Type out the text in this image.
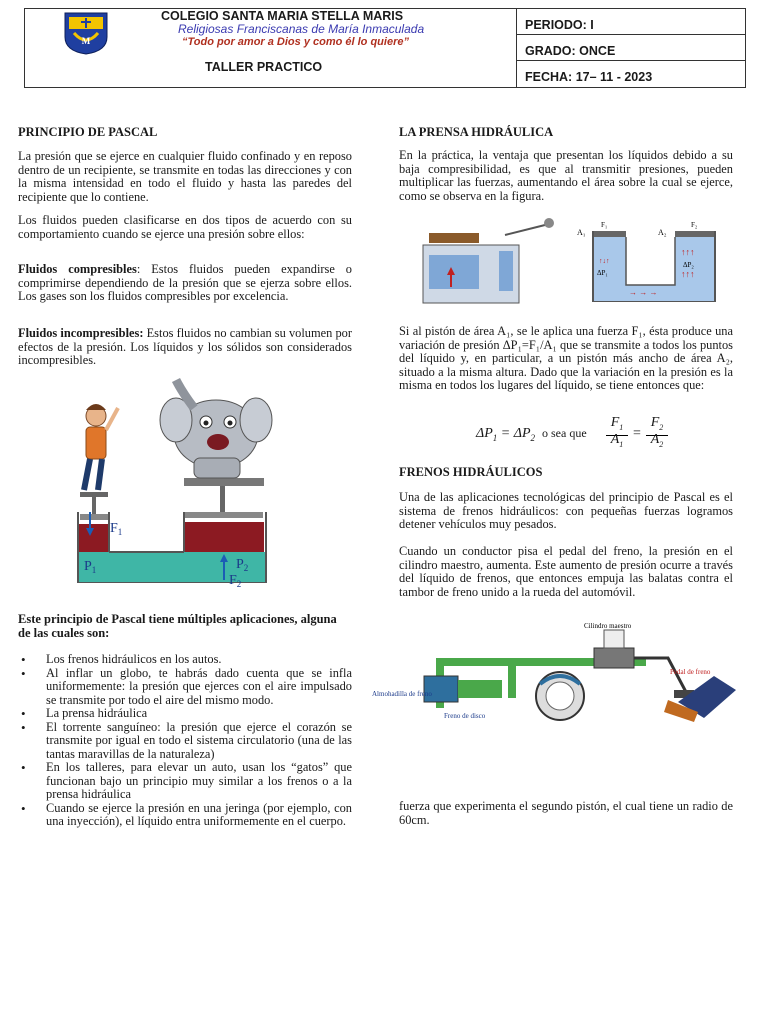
M
COLEGIO SANTA MARIA STELLA MARIS
Religiosas Franciscanas de María Inmaculada
“Todo por amor a Dios y como él lo quiere”
TALLER PRACTICO
PERIODO: I
GRADO: ONCE
FECHA: 17– 11 - 2023
PRINCIPIO DE PASCAL
La presión que se ejerce en cualquier fluido confinado y en reposo dentro de un recipiente, se transmite en todas las direcciones y con la misma intensidad en todo el fluido y hasta las paredes del recipiente que lo contiene.
Los fluidos pueden clasificarse en dos tipos de acuerdo con su comportamiento cuando se ejerce una presión sobre ellos:
Fluidos compresibles: Estos fluidos pueden expandirse o comprimirse dependiendo de la presión que se ejerza sobre ellos. Los gases son los fluidos compresibles por excelencia.
Fluidos incompresibles: Estos fluidos no cambian su volumen por efectos de la presión. Los líquidos y los sólidos son considerados incompresibles.
$F_1$
$P_1$	$P_2$
$F_2$
Este principio de Pascal tiene múltiples aplicaciones, alguna de las cuales son:
• Los frenos hidráulicos en los autos.
• Al inflar un globo, te habrás dado cuenta que se infla uniformemente: la presión que ejerces con el aire impulsado se transmite por todo el aire del mismo modo.
• La prensa hidráulica
• El torrente sanguíneo: la presión que ejerce el corazón se transmite por igual en todo el sistema circulatorio (una de las tantas maravillas de la naturaleza)
• En los talleres, para elevar un auto, usan los “gatos” que funcionan bajo un principio muy similar a los frenos o a la prensa hidráulica
• Cuando se ejerce la presión en una jeringa (por ejemplo, con una inyección), el líquido entra uniformemente en el cuerpo.
LA PRENSA HIDRÁULICA
En la práctica, la ventaja que presentan los líquidos debido a su baja compresibilidad, es que al transmitir presiones, pueden multiplicar las fuerzas, aumentando el área sobre la cual se ejerce, como se observa en la figura.
↑↓↑
↑↑↑
↑↑↑
→ → →
A₁	A₂
F₁	F₂
ΔP₁
ΔP₂
Si al pistón de área A₁, se le aplica una fuerza F₁, ésta produce una variación de presión ΔP₁=F₁/A₁ que se transmite a todos los puntos del líquido y, en particular, a un pistón más ancho de área A₂, situado a la misma altura. Dado que la variación en la presión es la misma en todos los lugares del líquido, se tiene entonces que:
$\Delta P_1 = \Delta P_2$ o sea que
$F_1$
$A_1$
=
$F_2$
$A_2$
FRENOS HIDRÁULICOS
Una de las aplicaciones tecnológicas del principio de Pascal es el sistema de frenos hidráulicos: con pequeñas fuerzas logramos detener vehículos muy pesados.
Cuando un conductor pisa el pedal del freno, la presión en el cilindro maestro, aumenta. Este aumento de presión ocurre a través del líquido de frenos, que entonces empuja las balatas contra el tambor de freno unido a la rueda del automóvil.
Cilindro maestro
Pedal de freno
Almohadilla de freno
Freno de disco
fuerza que experimenta el segundo pistón, el cual tiene un radio de 60cm.
